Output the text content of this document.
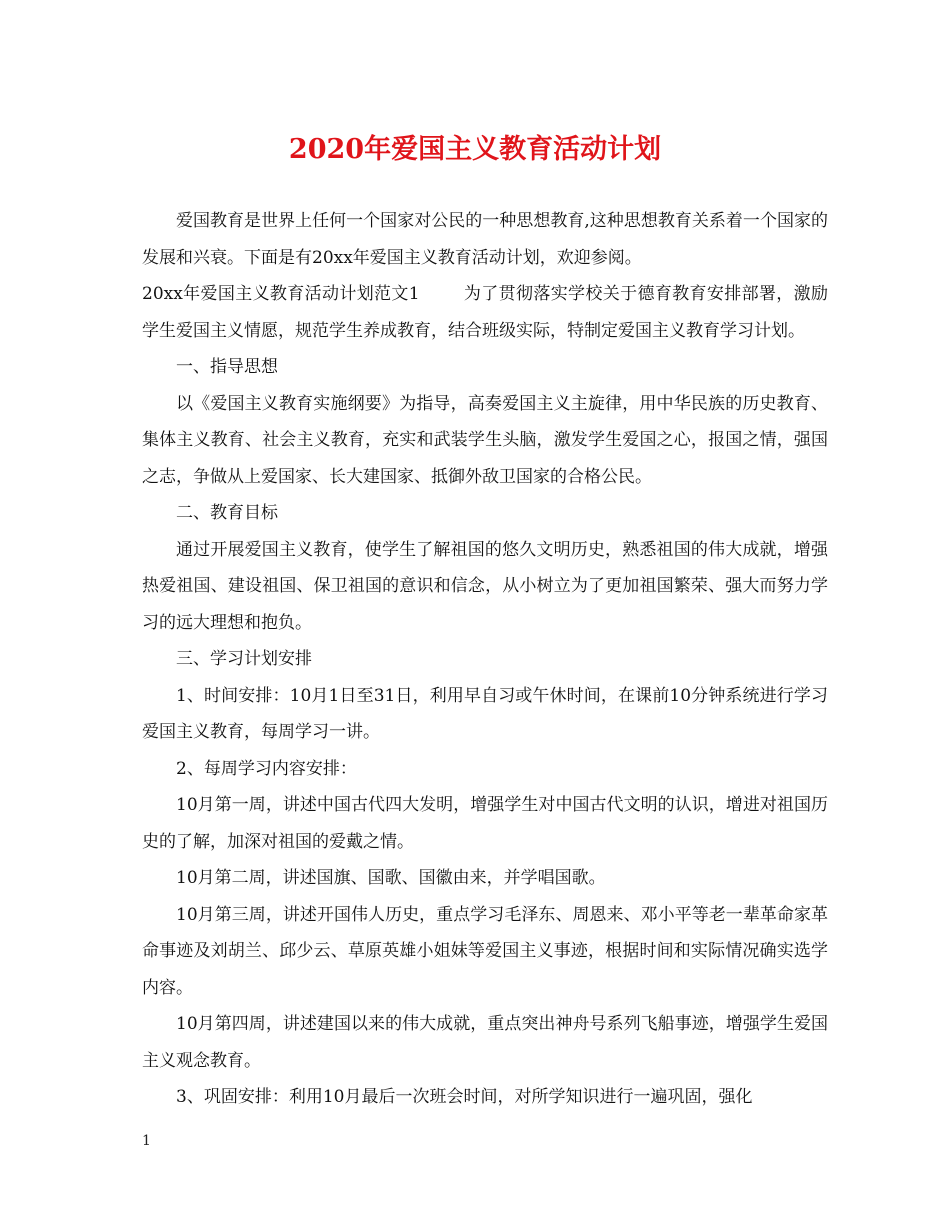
2020年爱国主义教育活动计划

爱国教育是世界上任何一个国家对公民的一种思想教育,这种思想教育关系着一个国家的发展和兴衰。下面是有20xx年爱国主义教育活动计划，欢迎参阅。

20xx年爱国主义教育活动计划范文1	为了贯彻落实学校关于德育教育安排部署，激励学生爱国主义情愿，规范学生养成教育，结合班级实际，特制定爱国主义教育学习计划。

一、指导思想

以《爱国主义教育实施纲要》为指导，高奏爱国主义主旋律，用中华民族的历史教育、集体主义教育、社会主义教育，充实和武装学生头脑，激发学生爱国之心，报国之情，强国之志，争做从上爱国家、长大建国家、抵御外敌卫国家的合格公民。

二、教育目标

通过开展爱国主义教育，使学生了解祖国的悠久文明历史，熟悉祖国的伟大成就，增强热爱祖国、建设祖国、保卫祖国的意识和信念，从小树立为了更加祖国繁荣、强大而努力学习的远大理想和抱负。

三、学习计划安排

1、时间安排：10月1日至31日，利用早自习或午休时间，在课前10分钟系统进行学习爱国主义教育，每周学习一讲。

2、每周学习内容安排：

10月第一周，讲述中国古代四大发明，增强学生对中国古代文明的认识，增进对祖国历史的了解，加深对祖国的爱戴之情。

10月第二周，讲述国旗、国歌、国徽由来，并学唱国歌。

10月第三周，讲述开国伟人历史，重点学习毛泽东、周恩来、邓小平等老一辈革命家革命事迹及刘胡兰、邱少云、草原英雄小姐妹等爱国主义事迹，根据时间和实际情况确实选学内容。

10月第四周，讲述建国以来的伟大成就，重点突出神舟号系列飞船事迹，增强学生爱国主义观念教育。

3、巩固安排：利用10月最后一次班会时间，对所学知识进行一遍巩固，强化

1
